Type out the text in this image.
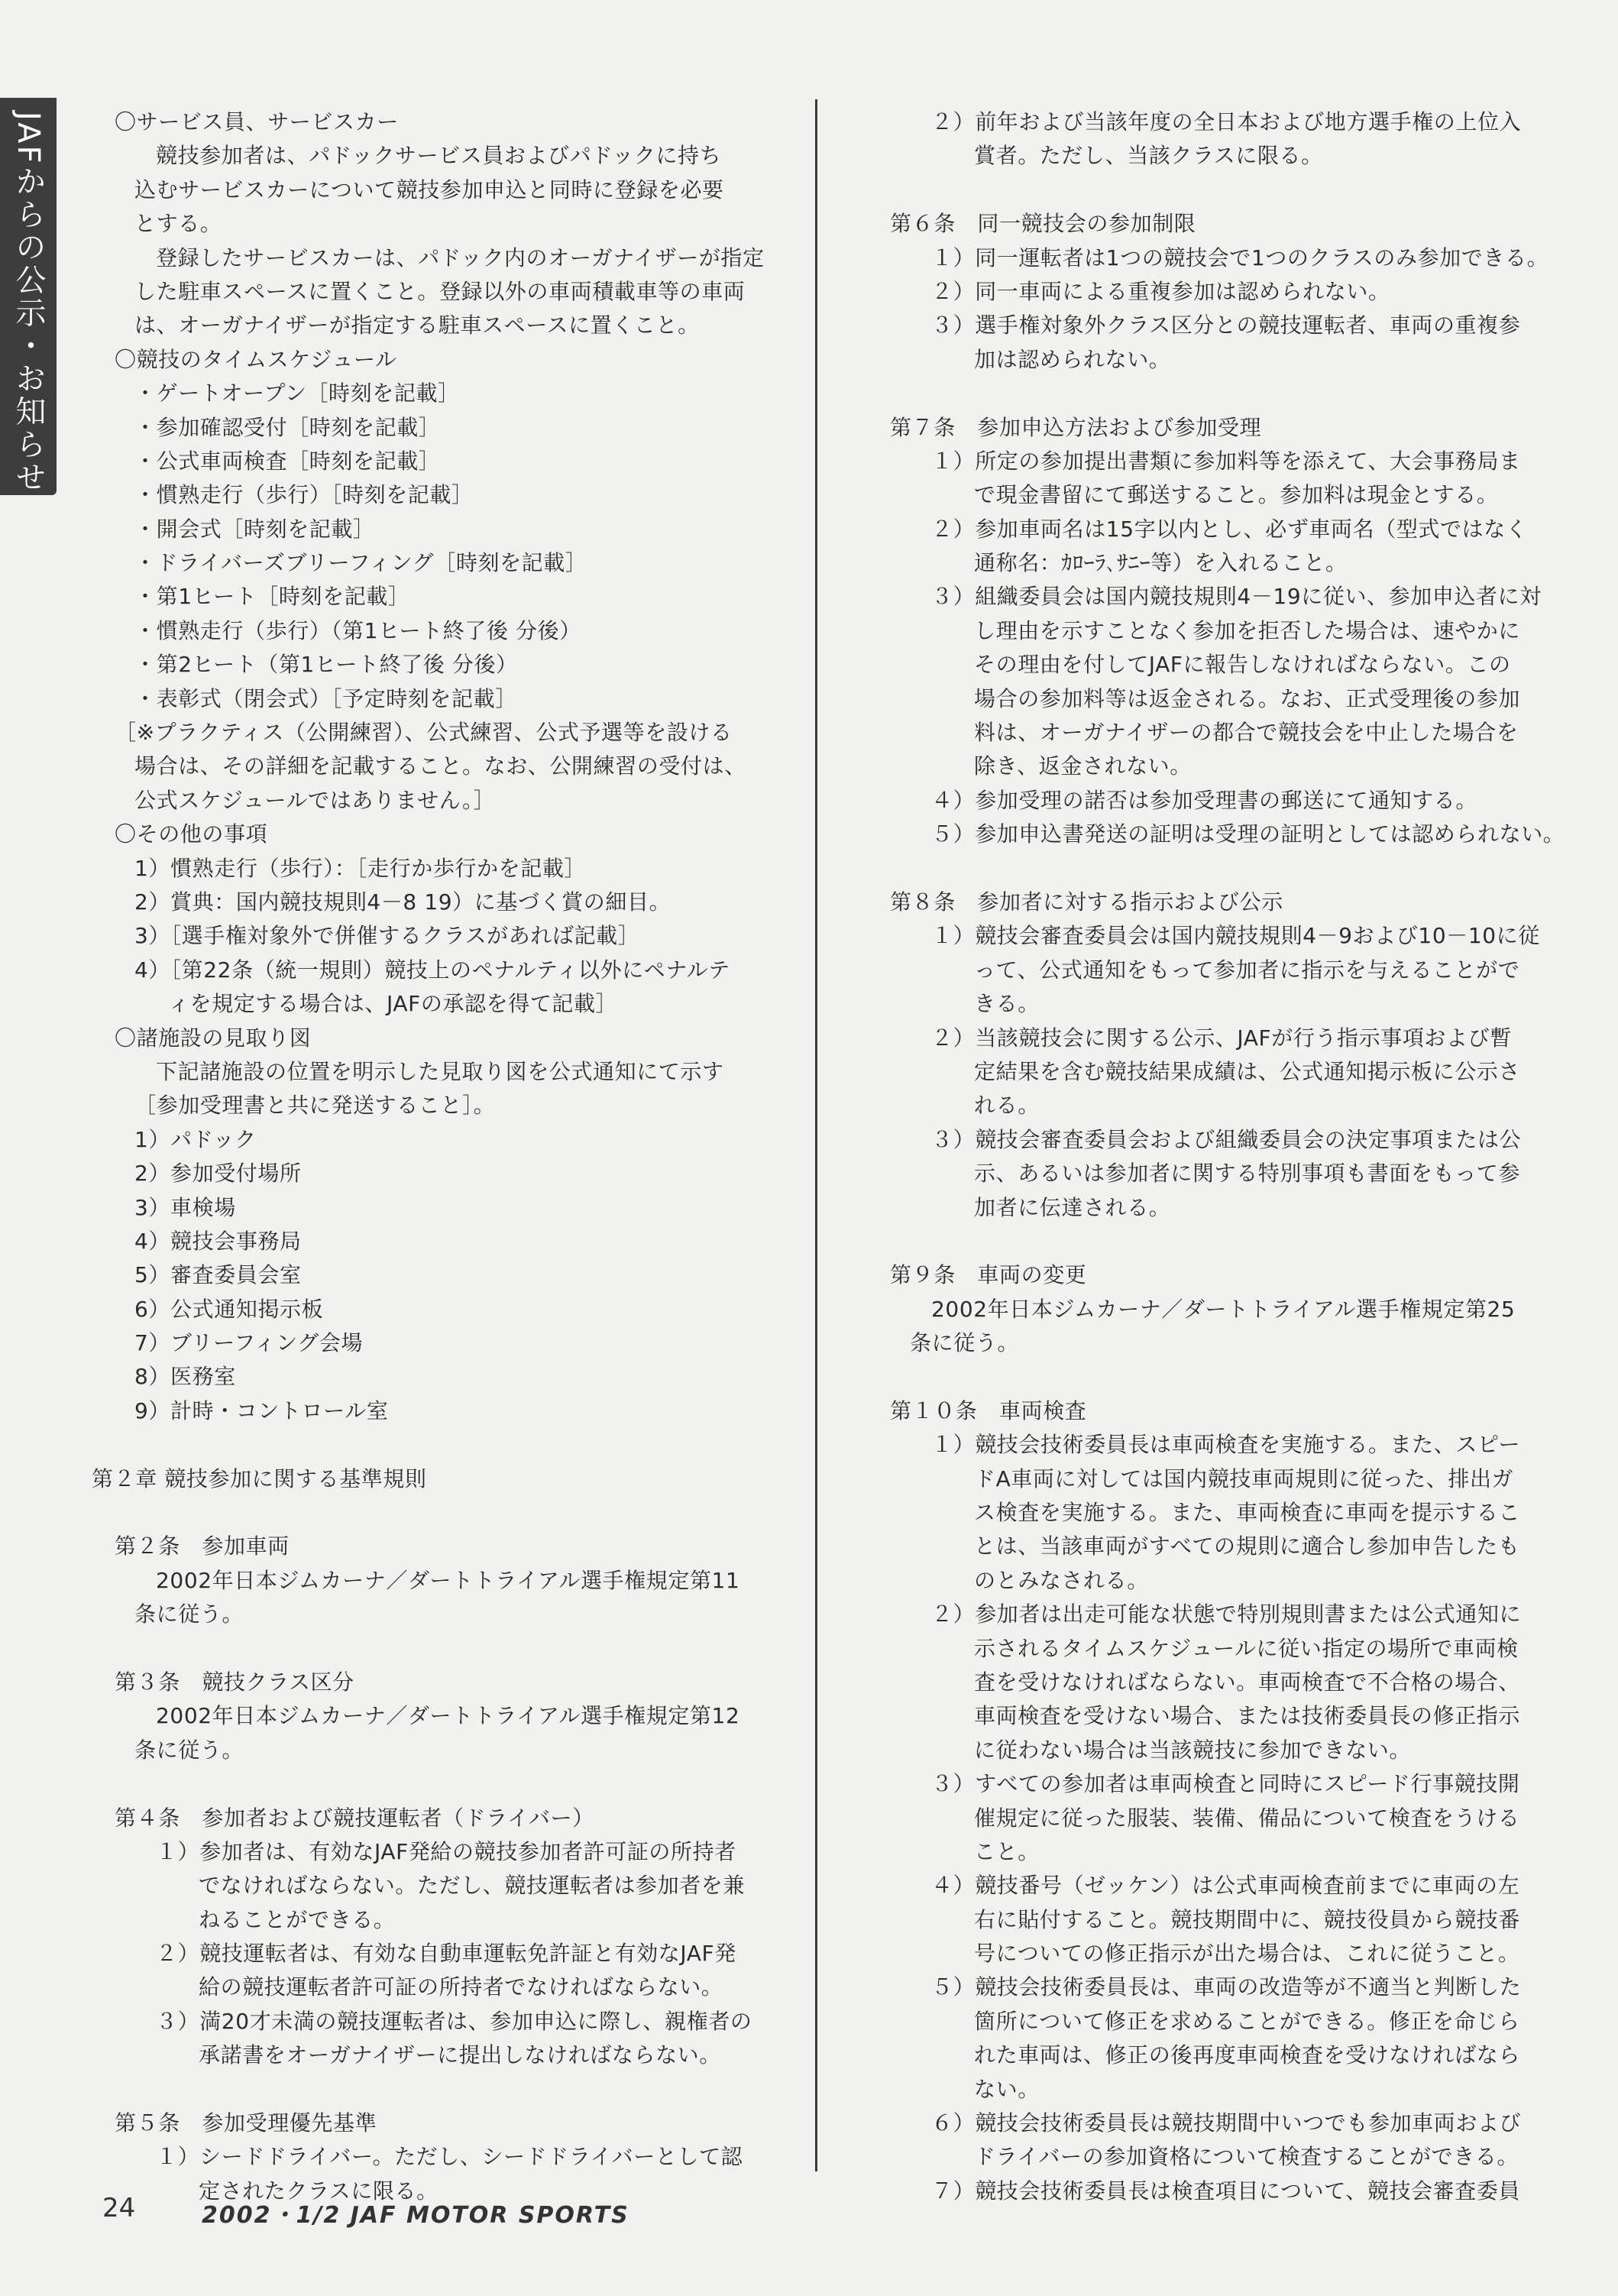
JAFからの公示・お知らせ	〇サービス員、サービスカー
競技参加者は、パドックサービス員およびパドックに持ち
込むサービスカーについて競技参加申込と同時に登録を必要
とする。
登録したサービスカーは、パドック内のオーガナイザーが指定
した駐車スペースに置くこと。登録以外の車両積載車等の車両
は、オーガナイザーが指定する駐車スペースに置くこと。
〇競技のタイムスケジュール
・ゲートオープン［時刻を記載］
・参加確認受付［時刻を記載］
・公式車両検査［時刻を記載］
・慣熟走行（歩行）［時刻を記載］
・開会式［時刻を記載］
・ドライバーズブリーフィング［時刻を記載］
・第1ヒート［時刻を記載］
・慣熟走行（歩行）（第1ヒート終了後 分後）
・第2ヒート（第1ヒート終了後 分後）
・表彰式（閉会式）［予定時刻を記載］
［※プラクティス（公開練習）、公式練習、公式予選等を設ける
場合は、その詳細を記載すること。なお、公開練習の受付は、
公式スケジュールではありません。］
〇その他の事項
1）慣熟走行（歩行）：［走行か歩行かを記載］
2）賞典：国内競技規則4－8 19）に基づく賞の細目。
3）［選手権対象外で併催するクラスがあれば記載］
4）［第22条（統一規則）競技上のペナルティ以外にペナルテ
ィを規定する場合は、JAFの承認を得て記載］
〇諸施設の見取り図
下記諸施設の位置を明示した見取り図を公式通知にて示す
［参加受理書と共に発送すること］。
1）パドック
2）参加受付場所
3）車検場
4）競技会事務局
5）審査委員会室
6）公式通知掲示板
7）ブリーフィング会場
8）医務室
9）計時・コントロール室
第２章 競技参加に関する基準規則
第２条　参加車両
2002年日本ジムカーナ／ダートトライアル選手権規定第11
条に従う。
第３条　競技クラス区分
2002年日本ジムカーナ／ダートトライアル選手権規定第12
条に従う。
第４条　参加者および競技運転者（ドライバー）
１）参加者は、有効なJAF発給の競技参加者許可証の所持者
でなければならない。ただし、競技運転者は参加者を兼
ねることができる。
２）競技運転者は、有効な自動車運転免許証と有効なJAF発
給の競技運転者許可証の所持者でなければならない。
３）満20才未満の競技運転者は、参加申込に際し、親権者の
承諾書をオーガナイザーに提出しなければならない。
第５条　参加受理優先基準
１）シードドライバー。ただし、シードドライバーとして認
定されたクラスに限る。
２）前年および当該年度の全日本および地方選手権の上位入
賞者。ただし、当該クラスに限る。
第６条　同一競技会の参加制限
１）同一運転者は1つの競技会で1つのクラスのみ参加できる。
２）同一車両による重複参加は認められない。
３）選手権対象外クラス区分との競技運転者、車両の重複参
加は認められない。
第７条　参加申込方法および参加受理
１）所定の参加提出書類に参加料等を添えて、大会事務局ま
で現金書留にて郵送すること。参加料は現金とする。
２）参加車両名は15字以内とし、必ず車両名（型式ではなく
通称名：ｶﾛｰﾗ､ｻﾆｰ等）を入れること。
３）組織委員会は国内競技規則4－19に従い、参加申込者に対
し理由を示すことなく参加を拒否した場合は、速やかに
その理由を付してJAFに報告しなければならない。この
場合の参加料等は返金される。なお、正式受理後の参加
料は、オーガナイザーの都合で競技会を中止した場合を
除き、返金されない。
４）参加受理の諾否は参加受理書の郵送にて通知する。
５）参加申込書発送の証明は受理の証明としては認められない。
第８条　参加者に対する指示および公示
１）競技会審査委員会は国内競技規則4－9および10－10に従
って、公式通知をもって参加者に指示を与えることがで
きる。
２）当該競技会に関する公示、JAFが行う指示事項および暫
定結果を含む競技結果成績は、公式通知掲示板に公示さ
れる。
３）競技会審査委員会および組織委員会の決定事項または公
示、あるいは参加者に関する特別事項も書面をもって参
加者に伝達される。
第９条　車両の変更
2002年日本ジムカーナ／ダートトライアル選手権規定第25
条に従う。
第１０条　車両検査
１）競技会技術委員長は車両検査を実施する。また、スピー
ドA車両に対しては国内競技車両規則に従った、排出ガ
ス検査を実施する。また、車両検査に車両を提示するこ
とは、当該車両がすべての規則に適合し参加申告したも
のとみなされる。
２）参加者は出走可能な状態で特別規則書または公式通知に
示されるタイムスケジュールに従い指定の場所で車両検
査を受けなければならない。車両検査で不合格の場合、
車両検査を受けない場合、または技術委員長の修正指示
に従わない場合は当該競技に参加できない。
３）すべての参加者は車両検査と同時にスピード行事競技開
催規定に従った服装、装備、備品について検査をうける
こと。
４）競技番号（ゼッケン）は公式車両検査前までに車両の左
右に貼付すること。競技期間中に、競技役員から競技番
号についての修正指示が出た場合は、これに従うこと。
５）競技会技術委員長は、車両の改造等が不適当と判断した
箇所について修正を求めることができる。修正を命じら
れた車両は、修正の後再度車両検査を受けなければなら
ない。
６）競技会技術委員長は競技期間中いつでも参加車両および
ドライバーの参加資格について検査することができる。
７）競技会技術委員長は検査項目について、競技会審査委員
24	2002・1/2 JAF MOTOR SPORTS
